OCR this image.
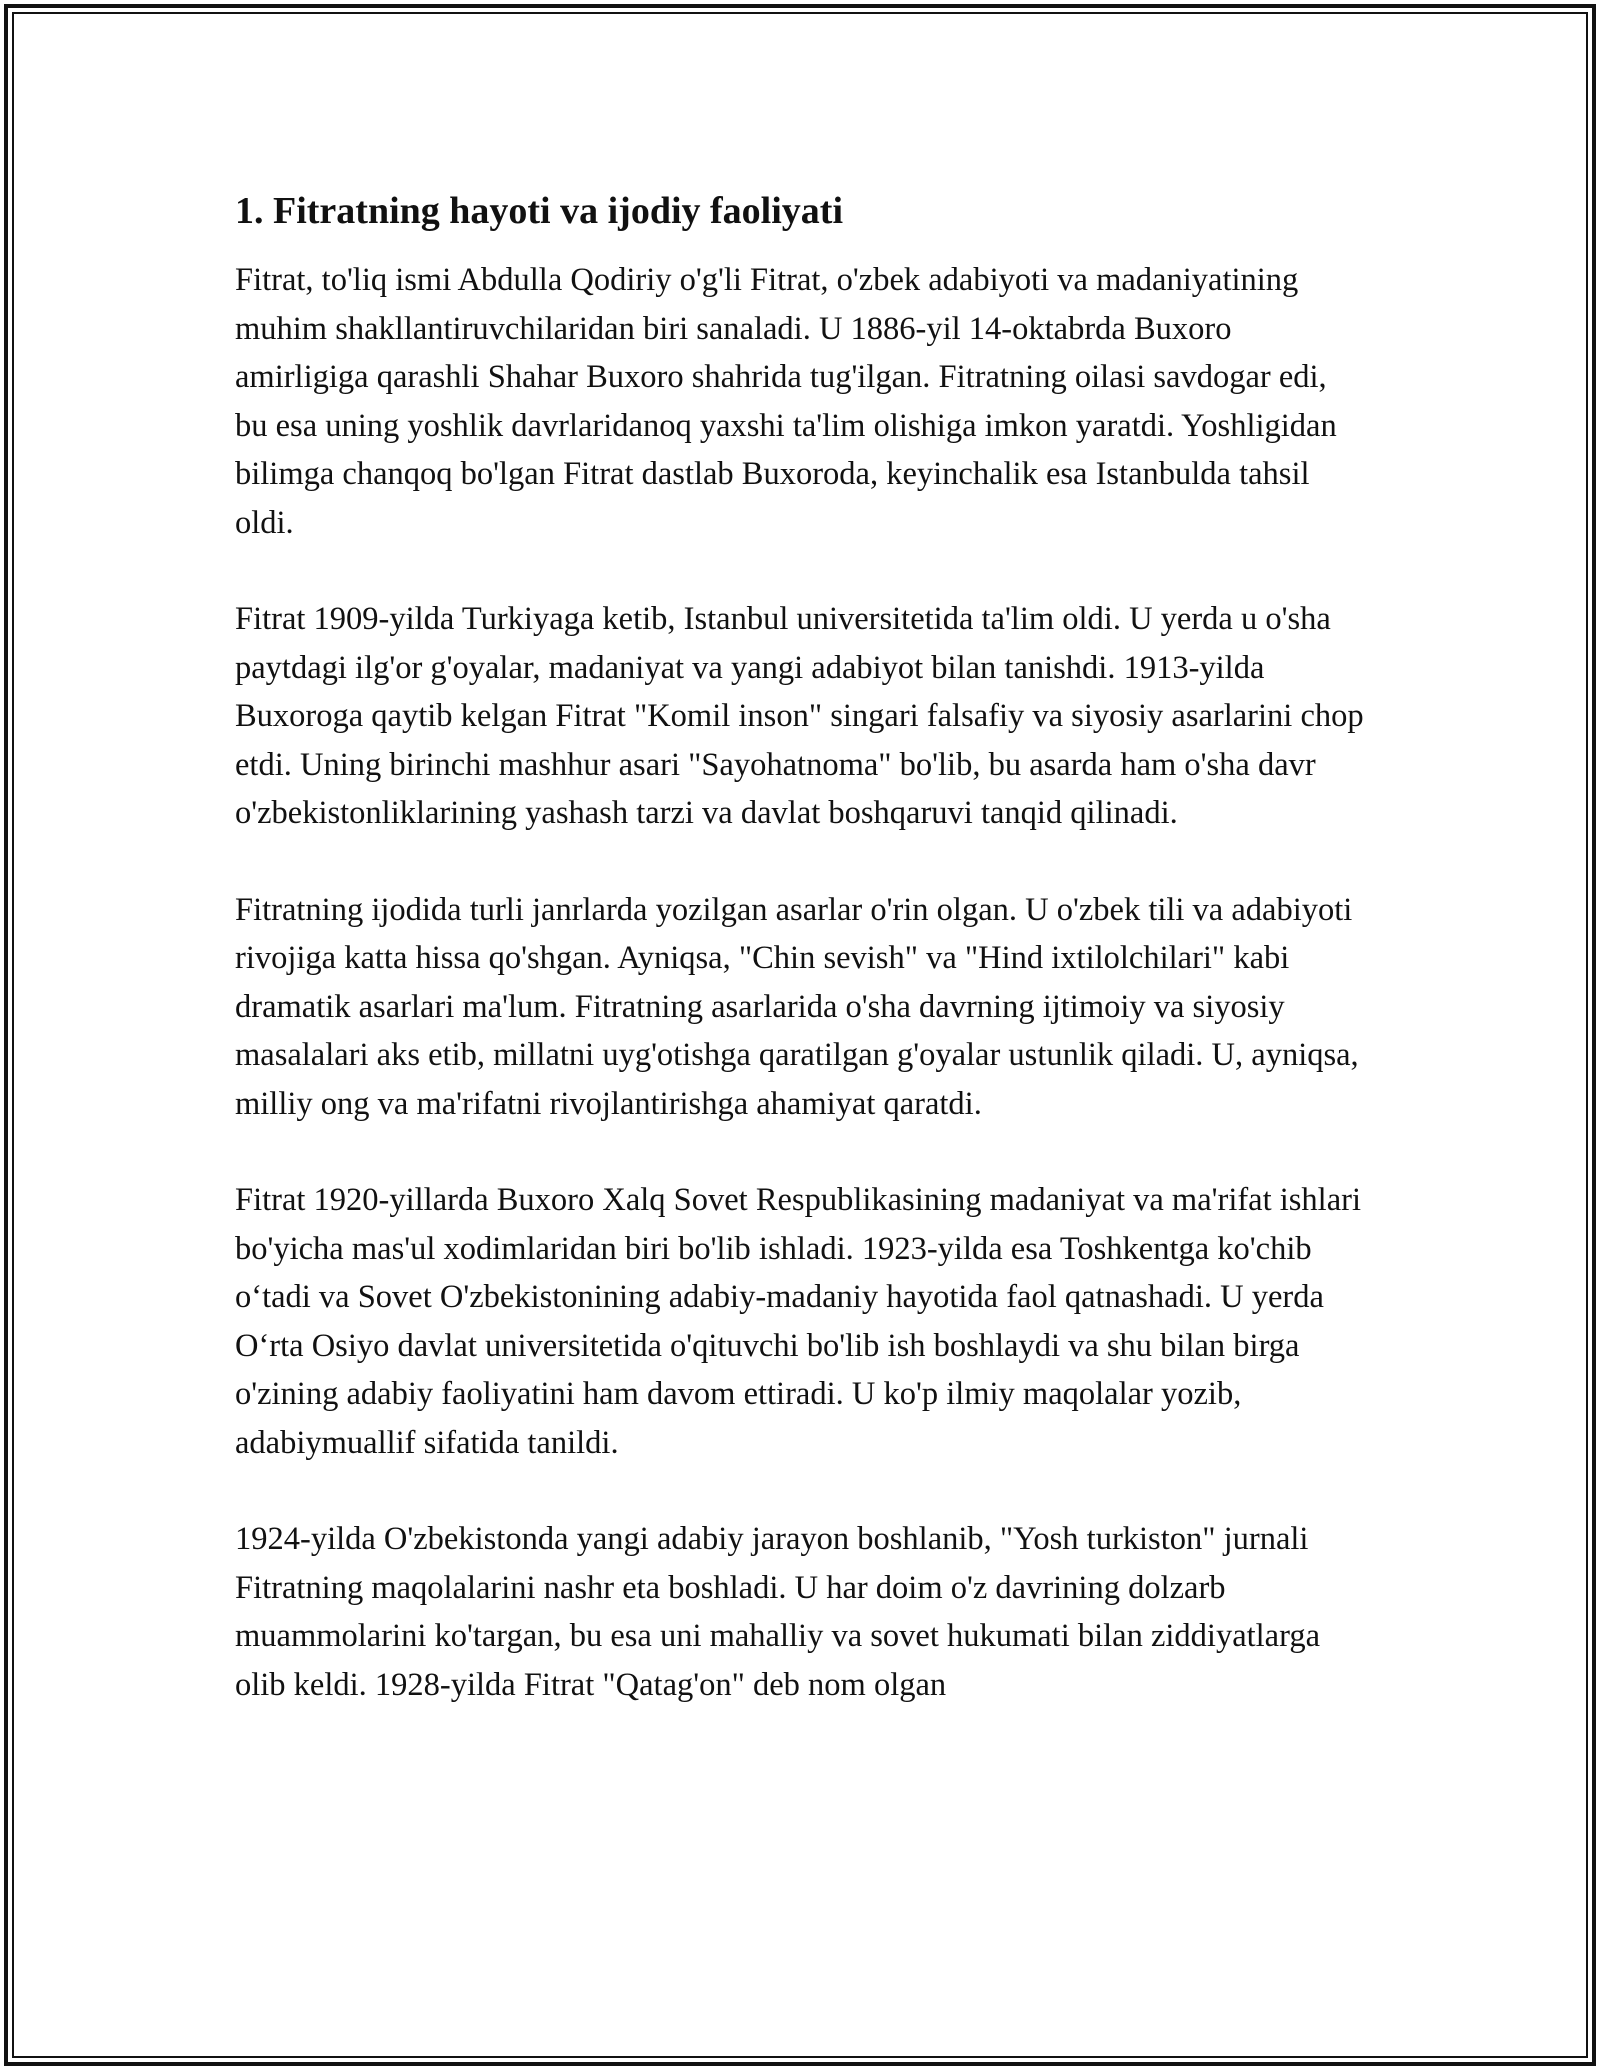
1. Fitratning hayoti va ijodiy faoliyati

Fitrat, to'liq ismi Abdulla Qodiriy o'g'li Fitrat, o'zbek adabiyoti va madaniyatining muhim shakllantiruvchilaridan biri sanaladi. U 1886-yil 14-oktabrda Buxoro amirligiga qarashli Shahar Buxoro shahrida tug'ilgan. Fitratning oilasi savdogar edi, bu esa uning yoshlik davrlaridanoq yaxshi ta'lim olishiga imkon yaratdi. Yoshligidan bilimga chanqoq bo'lgan Fitrat dastlab Buxoroda, keyinchalik esa Istanbulda tahsil oldi.

Fitrat 1909-yilda Turkiyaga ketib, Istanbul universitetida ta'lim oldi. U yerda u o'sha paytdagi ilg'or g'oyalar, madaniyat va yangi adabiyot bilan tanishdi. 1913-yilda Buxoroga qaytib kelgan Fitrat "Komil inson" singari falsafiy va siyosiy asarlarini chop etdi. Uning birinchi mashhur asari "Sayohatnoma" bo'lib, bu asarda ham o'sha davr o'zbekistonliklarining yashash tarzi va davlat boshqaruvi tanqid qilinadi.

Fitratning ijodida turli janrlarda yozilgan asarlar o'rin olgan. U o'zbek tili va adabiyoti rivojiga katta hissa qo'shgan. Ayniqsa, "Chin sevish" va "Hind ixtilolchilari" kabi dramatik asarlari ma'lum. Fitratning asarlarida o'sha davrning ijtimoiy va siyosiy masalalari aks etib, millatni uyg'otishga qaratilgan g'oyalar ustunlik qiladi. U, ayniqsa, milliy ong va ma'rifatni rivojlantirishga ahamiyat qaratdi.

Fitrat 1920-yillarda Buxoro Xalq Sovet Respublikasining madaniyat va ma'rifat ishlari bo'yicha mas'ul xodimlaridan biri bo'lib ishladi. 1923-yilda esa Toshkentga ko'chib o‘tadi va Sovet O'zbekistonining adabiy-madaniy hayotida faol qatnashadi. U yerda O‘rta Osiyo davlat universitetida o'qituvchi bo'lib ish boshlaydi va shu bilan birga o'zining adabiy faoliyatini ham davom ettiradi. U ko'p ilmiy maqolalar yozib, adabiymuallif sifatida tanildi.

1924-yilda O'zbekistonda yangi adabiy jarayon boshlanib, "Yosh turkiston" jurnali Fitratning maqolalarini nashr eta boshladi. U har doim o'z davrining dolzarb muammolarini ko'targan, bu esa uni mahalliy va sovet hukumati bilan ziddiyatlarga olib keldi. 1928-yilda Fitrat "Qatag'on" deb nom olgan
